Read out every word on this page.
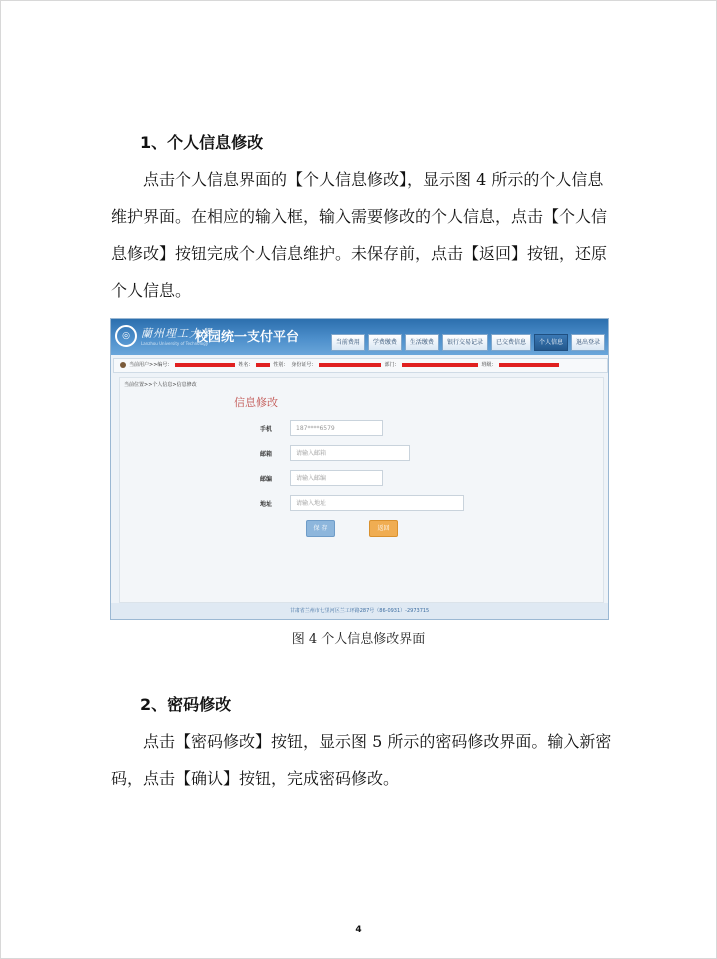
1、个人信息修改

点击个人信息界面的【个人信息修改】，显示图 4 所示的个人信息维护界面。在相应的输入框，输入需要修改的个人信息，点击【个人信息修改】按钮完成个人信息维护。未保存前，点击【返回】按钮，还原个人信息。

◎	蘭州理工大學
Lanzhou University of Technology
校园统一支付平台	当前费用	学费缴费	生活缴费	银行交易记录	已交费信息	个人信息	退出登录
当前用户>>编号：	姓名：	性别： 身份证号：	部门：	班级：
当前位置>>个人信息>信息修改
信息修改
手机	187****6579
邮箱	请输入邮箱
邮编	请输入邮编
地址	请输入地址
保 存	返回
甘肃省兰州市七里河区兰工坪路287号（86-0931）-2973715
图 4 个人信息修改界面
2、密码修改

点击【密码修改】按钮，显示图 5 所示的密码修改界面。输入新密码，点击【确认】按钮，完成密码修改。

4
